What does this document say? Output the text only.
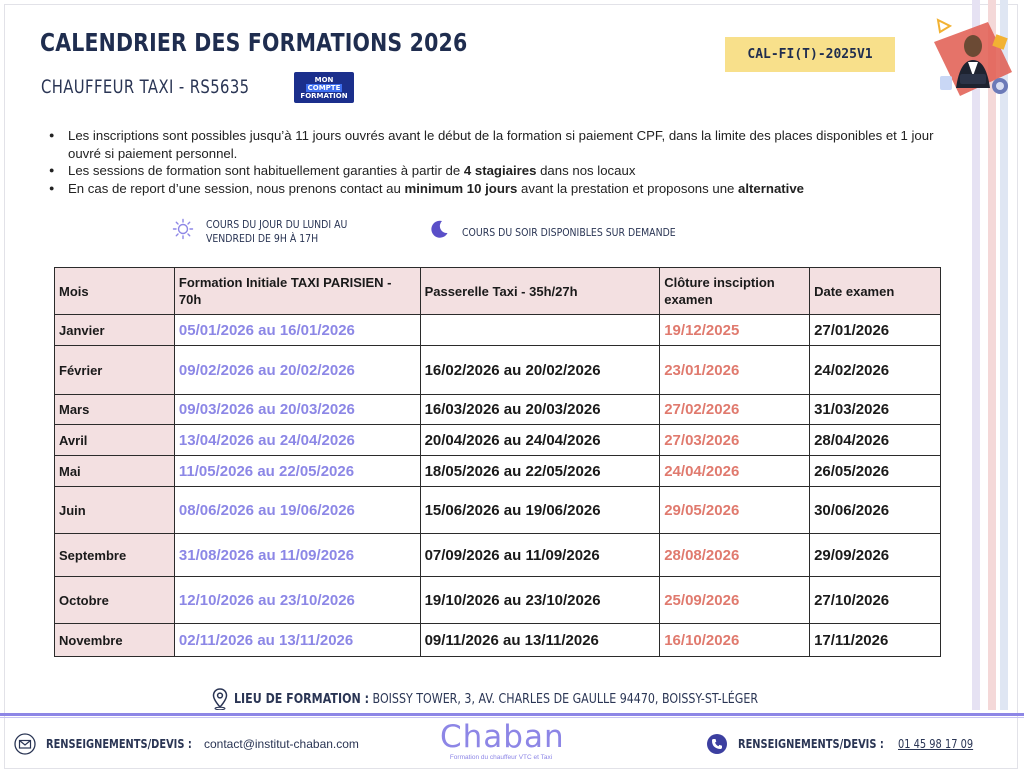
CALENDRIER DES FORMATIONS 2026
CHAUFFEUR TAXI - RS5635	MON
COMPTE
FORMATION
CAL-FI(T)-2025V1
● Les inscriptions sont possibles jusqu’à 11 jours ouvrés avant le début de la formation si paiement CPF, dans la limite des places disponibles et 1 jour ouvré si paiement personnel.
● Les sessions de formation sont habituellement garanties à partir de 4 stagiaires dans nos locaux
● En cas de report d’une session, nous prenons contact au minimum 10 jours avant la prestation et proposons une alternative
COURS DU JOUR DU LUNDI AU VENDREDI DE 9H À 17H	COURS DU SOIR DISPONIBLES SUR DEMANDE
Mois	Formation Initiale TAXI PARISIEN - 70h	Passerelle Taxi - 35h/27h	Clôture insciption examen	Date examen
Janvier	05/01/2026 au 16/01/2026		19/12/2025	27/01/2026
Février	09/02/2026 au 20/02/2026	16/02/2026 au 20/02/2026	23/01/2026	24/02/2026
Mars	09/03/2026 au 20/03/2026	16/03/2026 au 20/03/2026	27/02/2026	31/03/2026
Avril	13/04/2026 au 24/04/2026	20/04/2026 au 24/04/2026	27/03/2026	28/04/2026
Mai	11/05/2026 au 22/05/2026	18/05/2026 au 22/05/2026	24/04/2026	26/05/2026
Juin	08/06/2026 au 19/06/2026	15/06/2026 au 19/06/2026	29/05/2026	30/06/2026
Septembre	31/08/2026 au 11/09/2026	07/09/2026 au 11/09/2026	28/08/2026	29/09/2026
Octobre	12/10/2026 au 23/10/2026	19/10/2026 au 23/10/2026	25/09/2026	27/10/2026
Novembre	02/11/2026 au 13/11/2026	09/11/2026 au 13/11/2026	16/10/2026	17/11/2026
LIEU DE FORMATION : BOISSY TOWER, 3, AV. CHARLES DE GAULLE 94470, BOISSY-ST-LÉGER
RENSEIGNEMENTS/DEVIS : contact@institut-chaban.com	Chaban
Formation du chauffeur VTC et Taxi
RENSEIGNEMENTS/DEVIS :	01 45 98 17 09
